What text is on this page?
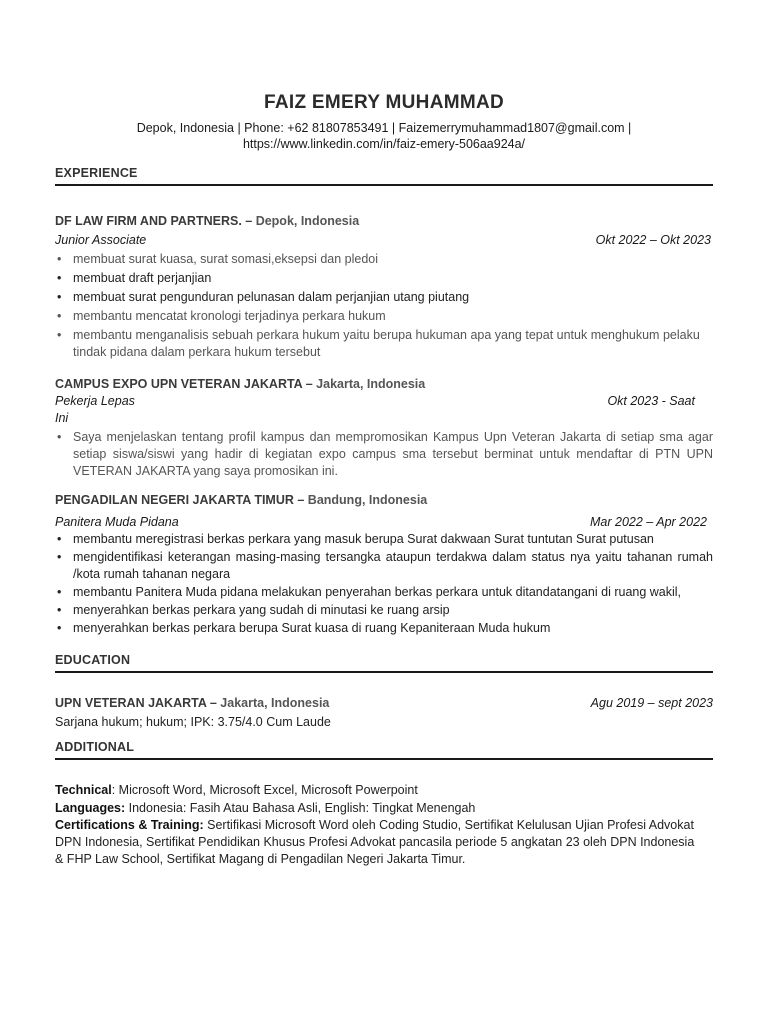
FAIZ EMERY MUHAMMAD
Depok, Indonesia | Phone: +62 81807853491 | Faizemerrymuhammad1807@gmail.com |
https://www.linkedin.com/in/faiz-emery-506aa924a/
EXPERIENCE
DF LAW FIRM AND PARTNERS. – Depok, Indonesia
Junior Associate	Okt 2022 – Okt 2023
• membuat surat kuasa, surat somasi,eksepsi dan pledoi
• membuat draft perjanjian
• membuat surat pengunduran pelunasan dalam perjanjian utang piutang
• membantu mencatat kronologi terjadinya perkara hukum
• membantu menganalisis sebuah perkara hukum yaitu berupa hukuman apa yang tepat untuk menghukum pelaku tindak pidana dalam perkara hukum tersebut
CAMPUS EXPO UPN VETERAN JAKARTA – Jakarta, Indonesia
Pekerja Lepas	Okt 2023 - Saat
Ini
• Saya menjelaskan tentang profil kampus dan mempromosikan Kampus Upn Veteran Jakarta di setiap sma agar setiap siswa/siswi yang hadir di kegiatan expo campus sma tersebut berminat untuk mendaftar di PTN UPN VETERAN JAKARTA yang saya promosikan ini.
PENGADILAN NEGERI JAKARTA TIMUR – Bandung, Indonesia
Panitera Muda Pidana	Mar 2022 – Apr 2022
• membantu meregistrasi berkas perkara yang masuk berupa Surat dakwaan Surat tuntutan Surat putusan
• mengidentifikasi keterangan masing-masing tersangka ataupun terdakwa dalam status nya yaitu tahanan rumah /kota rumah tahanan negara
• membantu Panitera Muda pidana melakukan penyerahan berkas perkara untuk ditandatangani di ruang wakil,
• menyerahkan berkas perkara yang sudah di minutasi ke ruang arsip
• menyerahkan berkas perkara berupa Surat kuasa di ruang Kepaniteraan Muda hukum
EDUCATION
UPN VETERAN JAKARTA – Jakarta, Indonesia	Agu 2019 – sept 2023
Sarjana hukum; hukum; IPK: 3.75/4.0 Cum Laude
ADDITIONAL
Technical: Microsoft Word, Microsoft Excel, Microsoft Powerpoint
Languages: Indonesia: Fasih Atau Bahasa Asli, English: Tingkat Menengah
Certifications & Training: Sertifikasi Microsoft Word oleh Coding Studio, Sertifikat Kelulusan Ujian Profesi Advokat DPN Indonesia, Sertifikat Pendidikan Khusus Profesi Advokat pancasila periode 5 angkatan 23 oleh DPN Indonesia & FHP Law School, Sertifikat Magang di Pengadilan Negeri Jakarta Timur.
